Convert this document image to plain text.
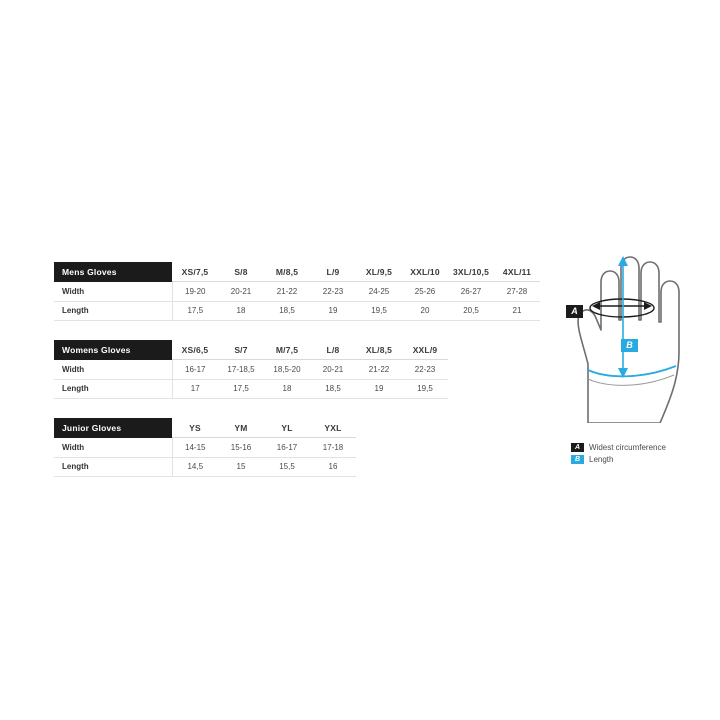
Mens Gloves	XS/7,5	S/8	M/8,5	L/9	XL/9,5	XXL/10	3XL/10,5	4XL/11
Width	19-20	20-21	21-22	22-23	24-25	25-26	26-27	27-28
Length	17,5	18	18,5	19	19,5	20	20,5	21
Womens Gloves	XS/6,5	S/7	M/7,5	L/8	XL/8,5	XXL/9	
Width	16-17	17-18,5	18,5-20	20-21	21-22	22-23	
Length	17	17,5	18	18,5	19	19,5	
Junior Gloves	YS	YM	YL	YXL	
Width	14-15	15-16	16-17	17-18	
Length	14,5	15	15,5	16	
A
B
A	Widest circumference
B	Length
